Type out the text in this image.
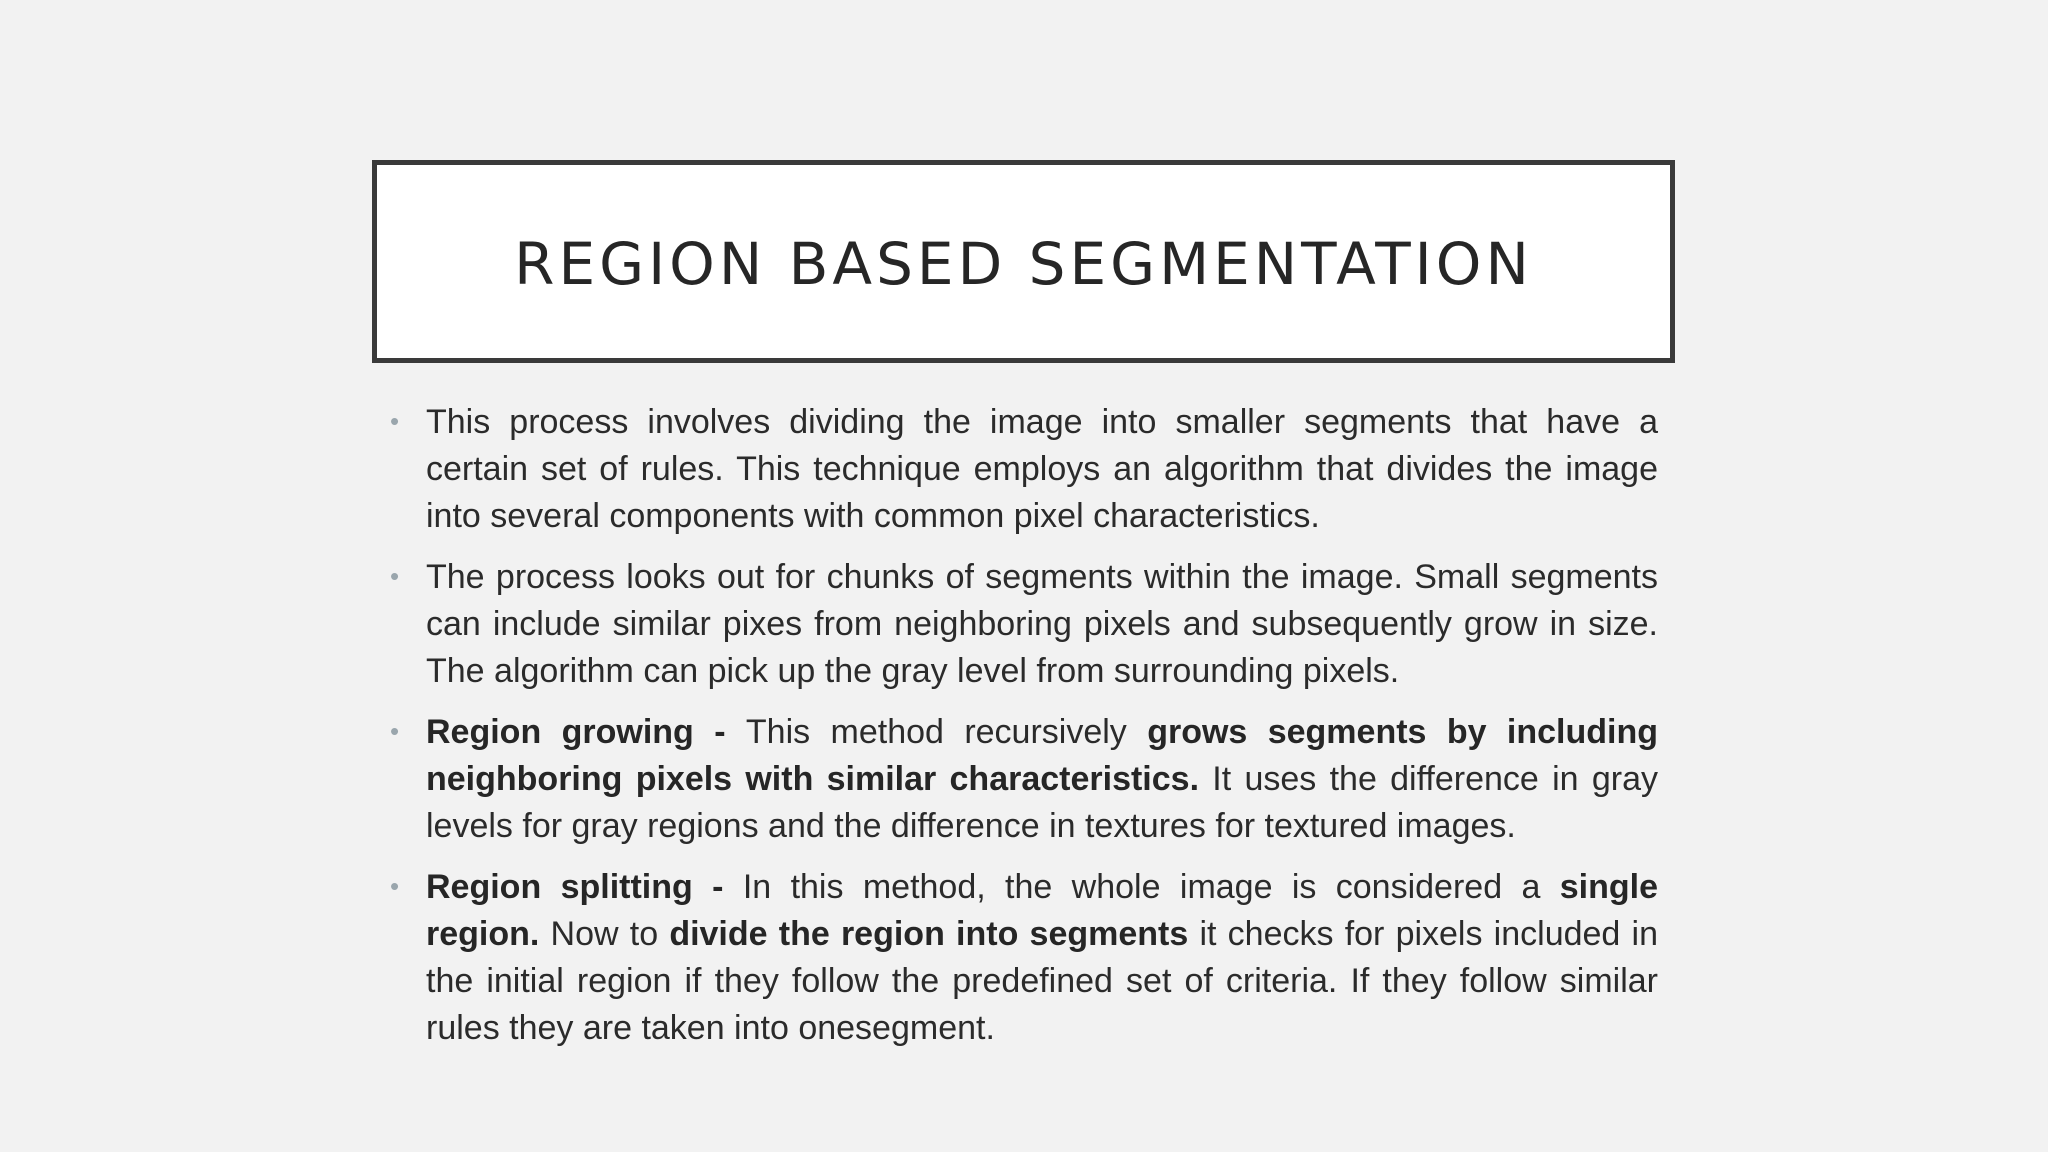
REGION BASED SEGMENTATION
• This process involves dividing the image into smaller segments that have a certain set of rules. This technique employs an algorithm that divides the image into several components with common pixel characteristics.
• The process looks out for chunks of segments within the image. Small segments can include similar pixes from neighboring pixels and subsequently grow in size. The algorithm can pick up the gray level from surrounding pixels.
• Region growing - This method recursively grows segments by including neighboring pixels with similar characteristics. It uses the difference in gray levels for gray regions and the difference in textures for textured images.
• Region splitting - In this method, the whole image is considered a single region. Now to divide the region into segments it checks for pixels included in the initial region if they follow the predefined set of criteria. If they follow similar rules they are taken into onesegment.
